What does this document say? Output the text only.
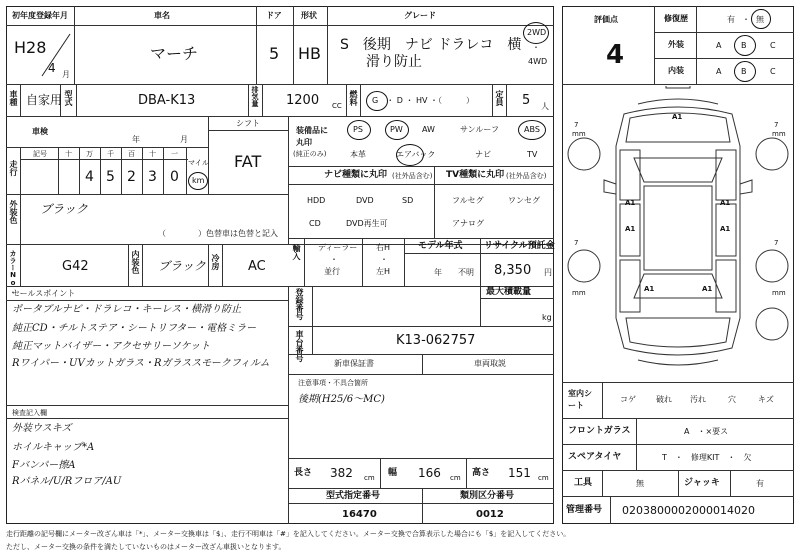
初年度登録年月	車名	ドア 形状	グレード
H28
4 月
マーチ	5 HB S　後期　ナビ ドラレコ　横
滑り防止
2WD
・
4WD
車種 自家用 型式	DBA-K13	排気量 1200 CC 燃料 G　・ D ・ HV ・（　　　）	定員 5 人
車検
年	月
シフト
FAT
走行
記号	十 万 千 百 十 一
4 5 2 3 0
マイル
km
装備品に
丸印
(純正のみ)
PS	PW AW	サンルーフ	ABS
本革	エアバック	ナビ	TV
ナビ種類に丸印 (社外品含む) TV種類に丸印 (社外品含む)
HDD	DVD	SD
CD	DVD再生可
フルセグ	ワンセグ
アナログ
外装色 ブラック
（　　　　）色替車は色替と記入
カラーNo.	G42	内装色 ブラック 冷房 AC
輸入 ディーラー
・
並行
右H
・
左H
モデル年式
年 不明
リサイクル預託金
8,350 円
セールスポイント
ポータブルナビ・ドラレコ・キーレス・横滑り防止
純正CD・チルトステア・シートリフター・電格ミラー
純正マットバイザー・アクセサリーソケット
Rワイパー・UVカットガラス・Rガラススモークフィルム
登録番号	最大積載量
kg
車台番号	K13-062757
新車保証書	車両取説
注意事項・不具合箇所
後期(H25/6〜MC)
検査記入欄
外装ウスキズ
ホイルキャップ*A
Fバンパー擦A
Rパネル/U/Rフロア/AU
長さ 382 cm 幅 166 cm 高さ 151 cm
型式指定番号
16470
類別区分番号
0012
評価点
4
修復歴	有 ・ 無
外装	A B	C
内装	A B	C
7
mm
7
mm
7
mm
7
mm
A1
A1	A1
A1	A1
A1	A1
室内シート
コゲ	破れ 汚れ	穴	キズ
フロントガラス	A　・×要ス
スペアタイヤ	T　・　修理KIT　・　欠
工具	無	ジャッキ	有
管理番号 0203800002000014020
走行距離の記号欄にメーター改ざん車は「*」、メーター交換車は「$」、走行不明車は「#」を記入してください。メーター交換で合算表示した場合にも「$」を記入してください。
ただし、メーター交換の条件を満たしていないものはメーター改ざん車扱いとなります。
